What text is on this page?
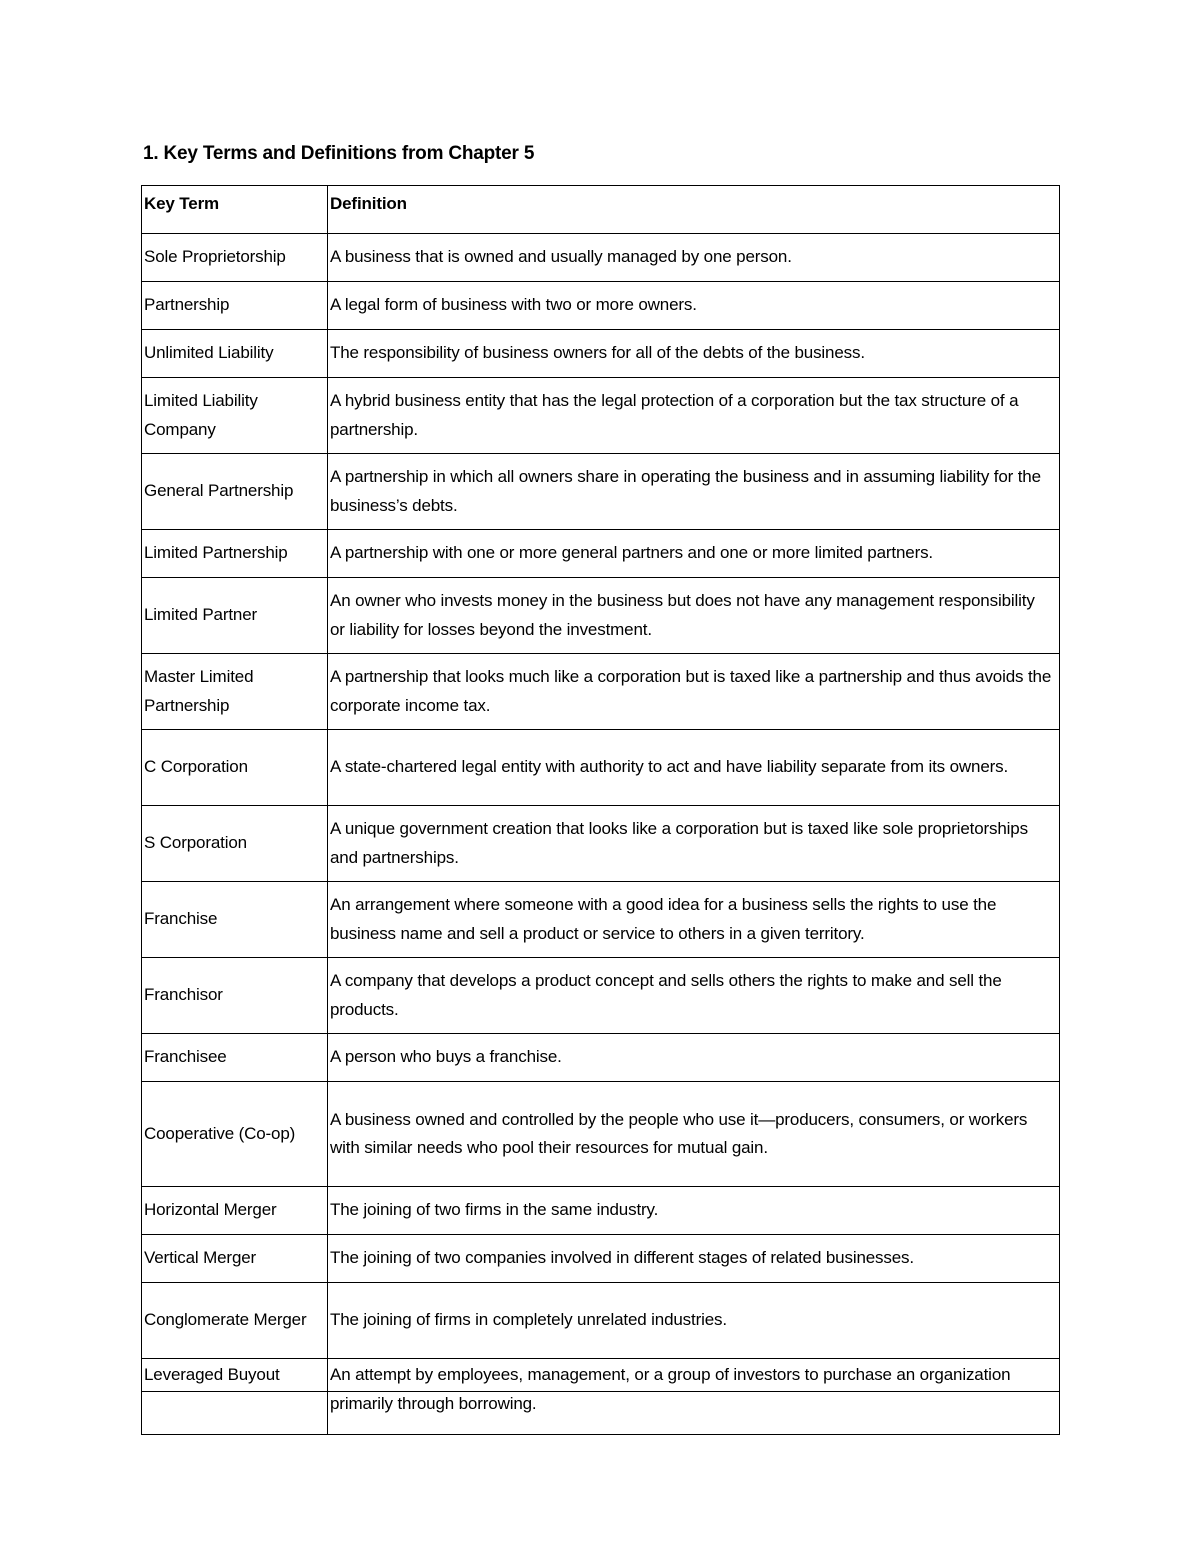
1. Key Terms and Definitions from Chapter 5
Key Term	Definition
Sole Proprietorship	A business that is owned and usually managed by one person.
Partnership	A legal form of business with two or more owners.
Unlimited Liability	The responsibility of business owners for all of the debts of the business.
Limited Liability Company	A hybrid business entity that has the legal protection of a corporation but the tax structure of a partnership.
General Partnership	A partnership in which all owners share in operating the business and in assuming liability for the business’s debts.
Limited Partnership	A partnership with one or more general partners and one or more limited partners.
Limited Partner	An owner who invests money in the business but does not have any management responsibility or liability for losses beyond the investment.
Master Limited Partnership	A partnership that looks much like a corporation but is taxed like a partnership and thus avoids the corporate income tax.
C Corporation	A state-chartered legal entity with authority to act and have liability separate from its owners.
S Corporation	A unique government creation that looks like a corporation but is taxed like sole proprietorships and partnerships.
Franchise	An arrangement where someone with a good idea for a business sells the rights to use the business name and sell a product or service to others in a given territory.
Franchisor	A company that develops a product concept and sells others the rights to make and sell the products.
Franchisee	A person who buys a franchise.
Cooperative (Co-op)	A business owned and controlled by the people who use it—producers, consumers, or workers with similar needs who pool their resources for mutual gain.
Horizontal Merger	The joining of two firms in the same industry.
Vertical Merger	The joining of two companies involved in different stages of related businesses.
Conglomerate Merger	The joining of firms in completely unrelated industries.
Leveraged Buyout	An attempt by employees, management, or a group of investors to purchase an organization primarily through borrowing.
